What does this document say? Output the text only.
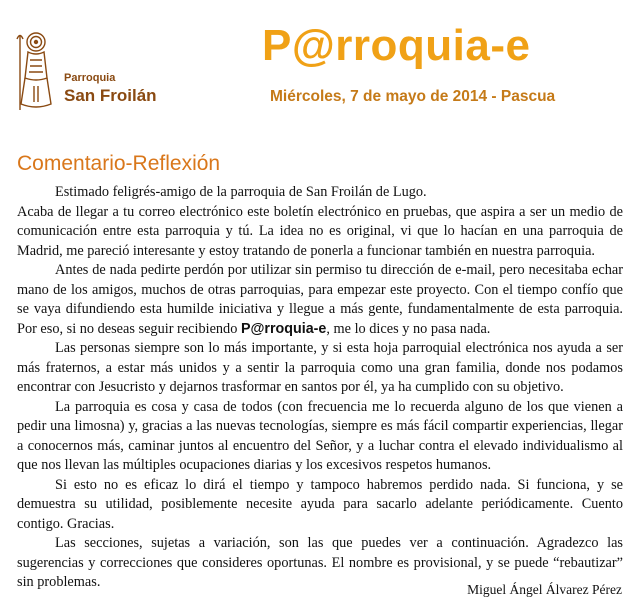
Parroquia
San Froilán
P@rroquia-e
Miércoles, 7 de mayo de 2014 - Pascua
Comentario-Reflexión

Estimado feligrés-amigo de la parroquia de San Froilán de Lugo.

Acaba de llegar a tu correo electrónico este boletín electrónico en pruebas, que aspira a ser un medio de comunicación entre esta parroquia y tú. La idea no es original, vi que lo hacían en una parroquia de Madrid, me pareció interesante y estoy tratando de ponerla a funcionar también en nuestra parroquia.

Antes de nada pedirte perdón por utilizar sin permiso tu dirección de e-mail, pero necesitaba echar mano de los amigos, muchos de otras parroquias, para empezar este proyecto. Con el tiempo confío que se vaya difundiendo esta humilde iniciativa y llegue a más gente, fundamentalmente de esta parroquia. Por eso, si no deseas seguir recibiendo P@rroquia-e, me lo dices y no pasa nada.

Las personas siempre son lo más importante, y si esta hoja parroquial electrónica nos ayuda a ser más fraternos, a estar más unidos y a sentir la parroquia como una gran familia, donde nos podamos encontrar con Jesucristo y dejarnos trasformar en santos por él, ya ha cumplido con su objetivo.

La parroquia es cosa y casa de todos (con frecuencia me lo recuerda alguno de los que vienen a pedir una limosna) y, gracias a las nuevas tecnologías, siempre es más fácil compartir experiencias, llegar a conocernos más, caminar juntos al encuentro del Señor, y a luchar contra el elevado individualismo al que nos llevan las múltiples ocupaciones diarias y los excesivos respetos humanos.

Si esto no es eficaz lo dirá el tiempo y tampoco habremos perdido nada. Si funciona, y se demuestra su utilidad, posiblemente necesite ayuda para sacarlo adelante periódicamente. Cuento contigo. Gracias.

Las secciones, sujetas a variación, son las que puedes ver a continuación. Agradezco las sugerencias y correcciones que consideres oportunas. El nombre es provisional, y se puede “rebautizar” sin problemas.	Miguel Ángel Álvarez Pérez
